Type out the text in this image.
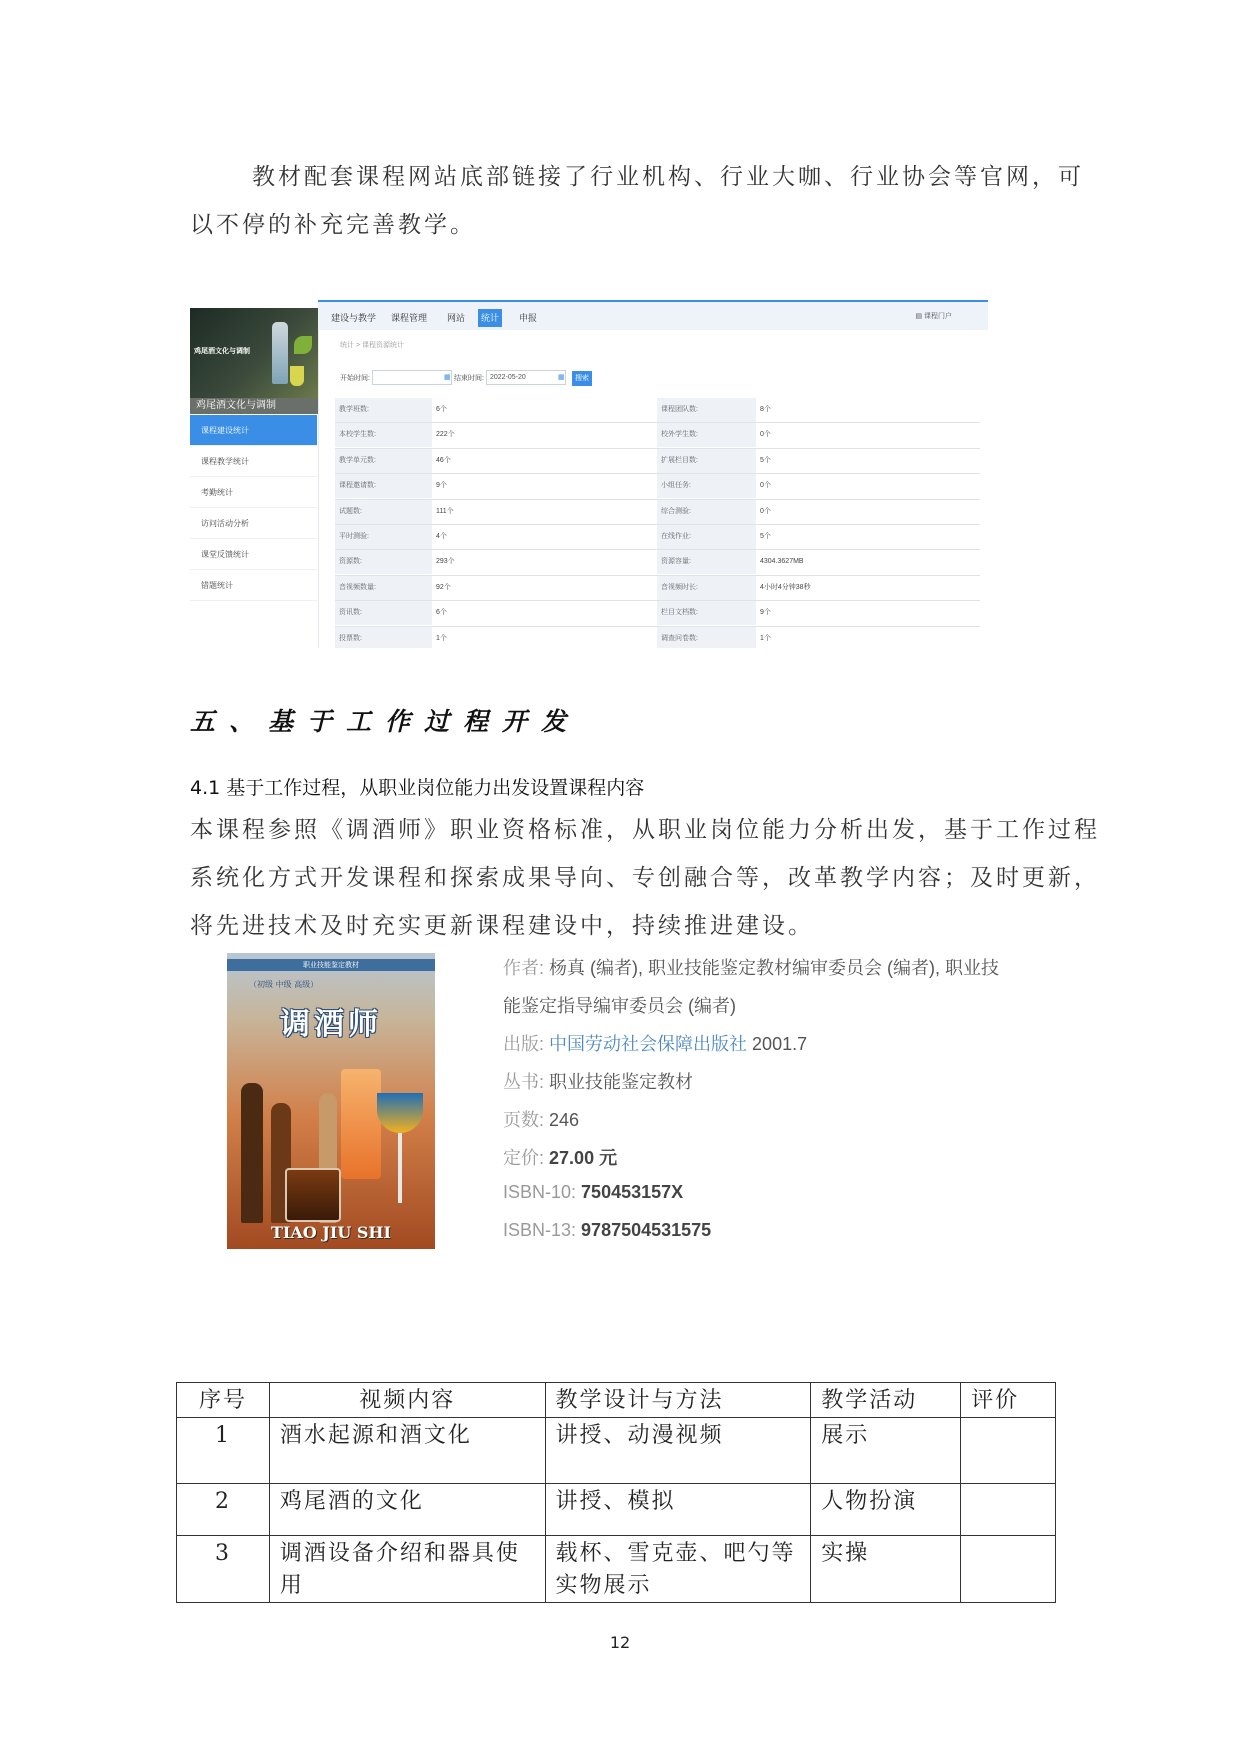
教材配套课程网站底部链接了行业机构、行业大咖、行业协会等官网，可
以不停的补充完善教学。
鸡尾酒文化与调制
鸡尾酒文化与调制
课程建设统计
课程教学统计
考勤统计
访问活动分析
课堂反馈统计
错题统计
建设与教学	课程管理	网站	统计	申报	▤ 课程门户
统计 > 课程资源统计
开始时间:	▦ 结束时间: 2022-05-20	▦	搜索
教学班数:	6个	课程团队数:	8个
本校学生数:	222个	校外学生数:	0个
教学单元数:	46个	扩展栏目数:	5个
课程邀请数:	9个	小组任务:	0个
试题数:	111个	综合测验:	0个
平时测验:	4个	在线作业:	5个
资源数:	293个	资源容量:	4304.3627MB
音视频数量:	92个	音视频时长:	4小时4分钟38秒
资讯数:	6个	栏目文档数:	9个
投票数:	1个	调查问卷数:	1个
五、基于工作过程开发
4.1 基于工作过程，从职业岗位能力出发设置课程内容
本课程参照《调酒师》职业资格标准，从职业岗位能力分析出发，基于工作过程
系统化方式开发课程和探索成果导向、专创融合等，改革教学内容；及时更新，
将先进技术及时充实更新课程建设中，持续推进建设。
职业技能鉴定教材
（初级 中级 高级）
调酒师
TIAO JIU SHI
作者: 杨真 (编者), 职业技能鉴定教材编审委员会 (编者), 职业技
能鉴定指导编审委员会 (编者)
出版: 中国劳动社会保障出版社 2001.7
丛书: 职业技能鉴定教材
页数: 246
定价: 27.00 元
ISBN-10: 750453157X
ISBN-13: 9787504531575
序号	视频内容	教学设计与方法	教学活动	评价
1	酒水起源和酒文化	讲授、动漫视频	展示	
2	鸡尾酒的文化	讲授、模拟	人物扮演	
3	调酒设备介绍和器具使用	载杯、雪克壶、吧勺等实物展示	实操	
12
